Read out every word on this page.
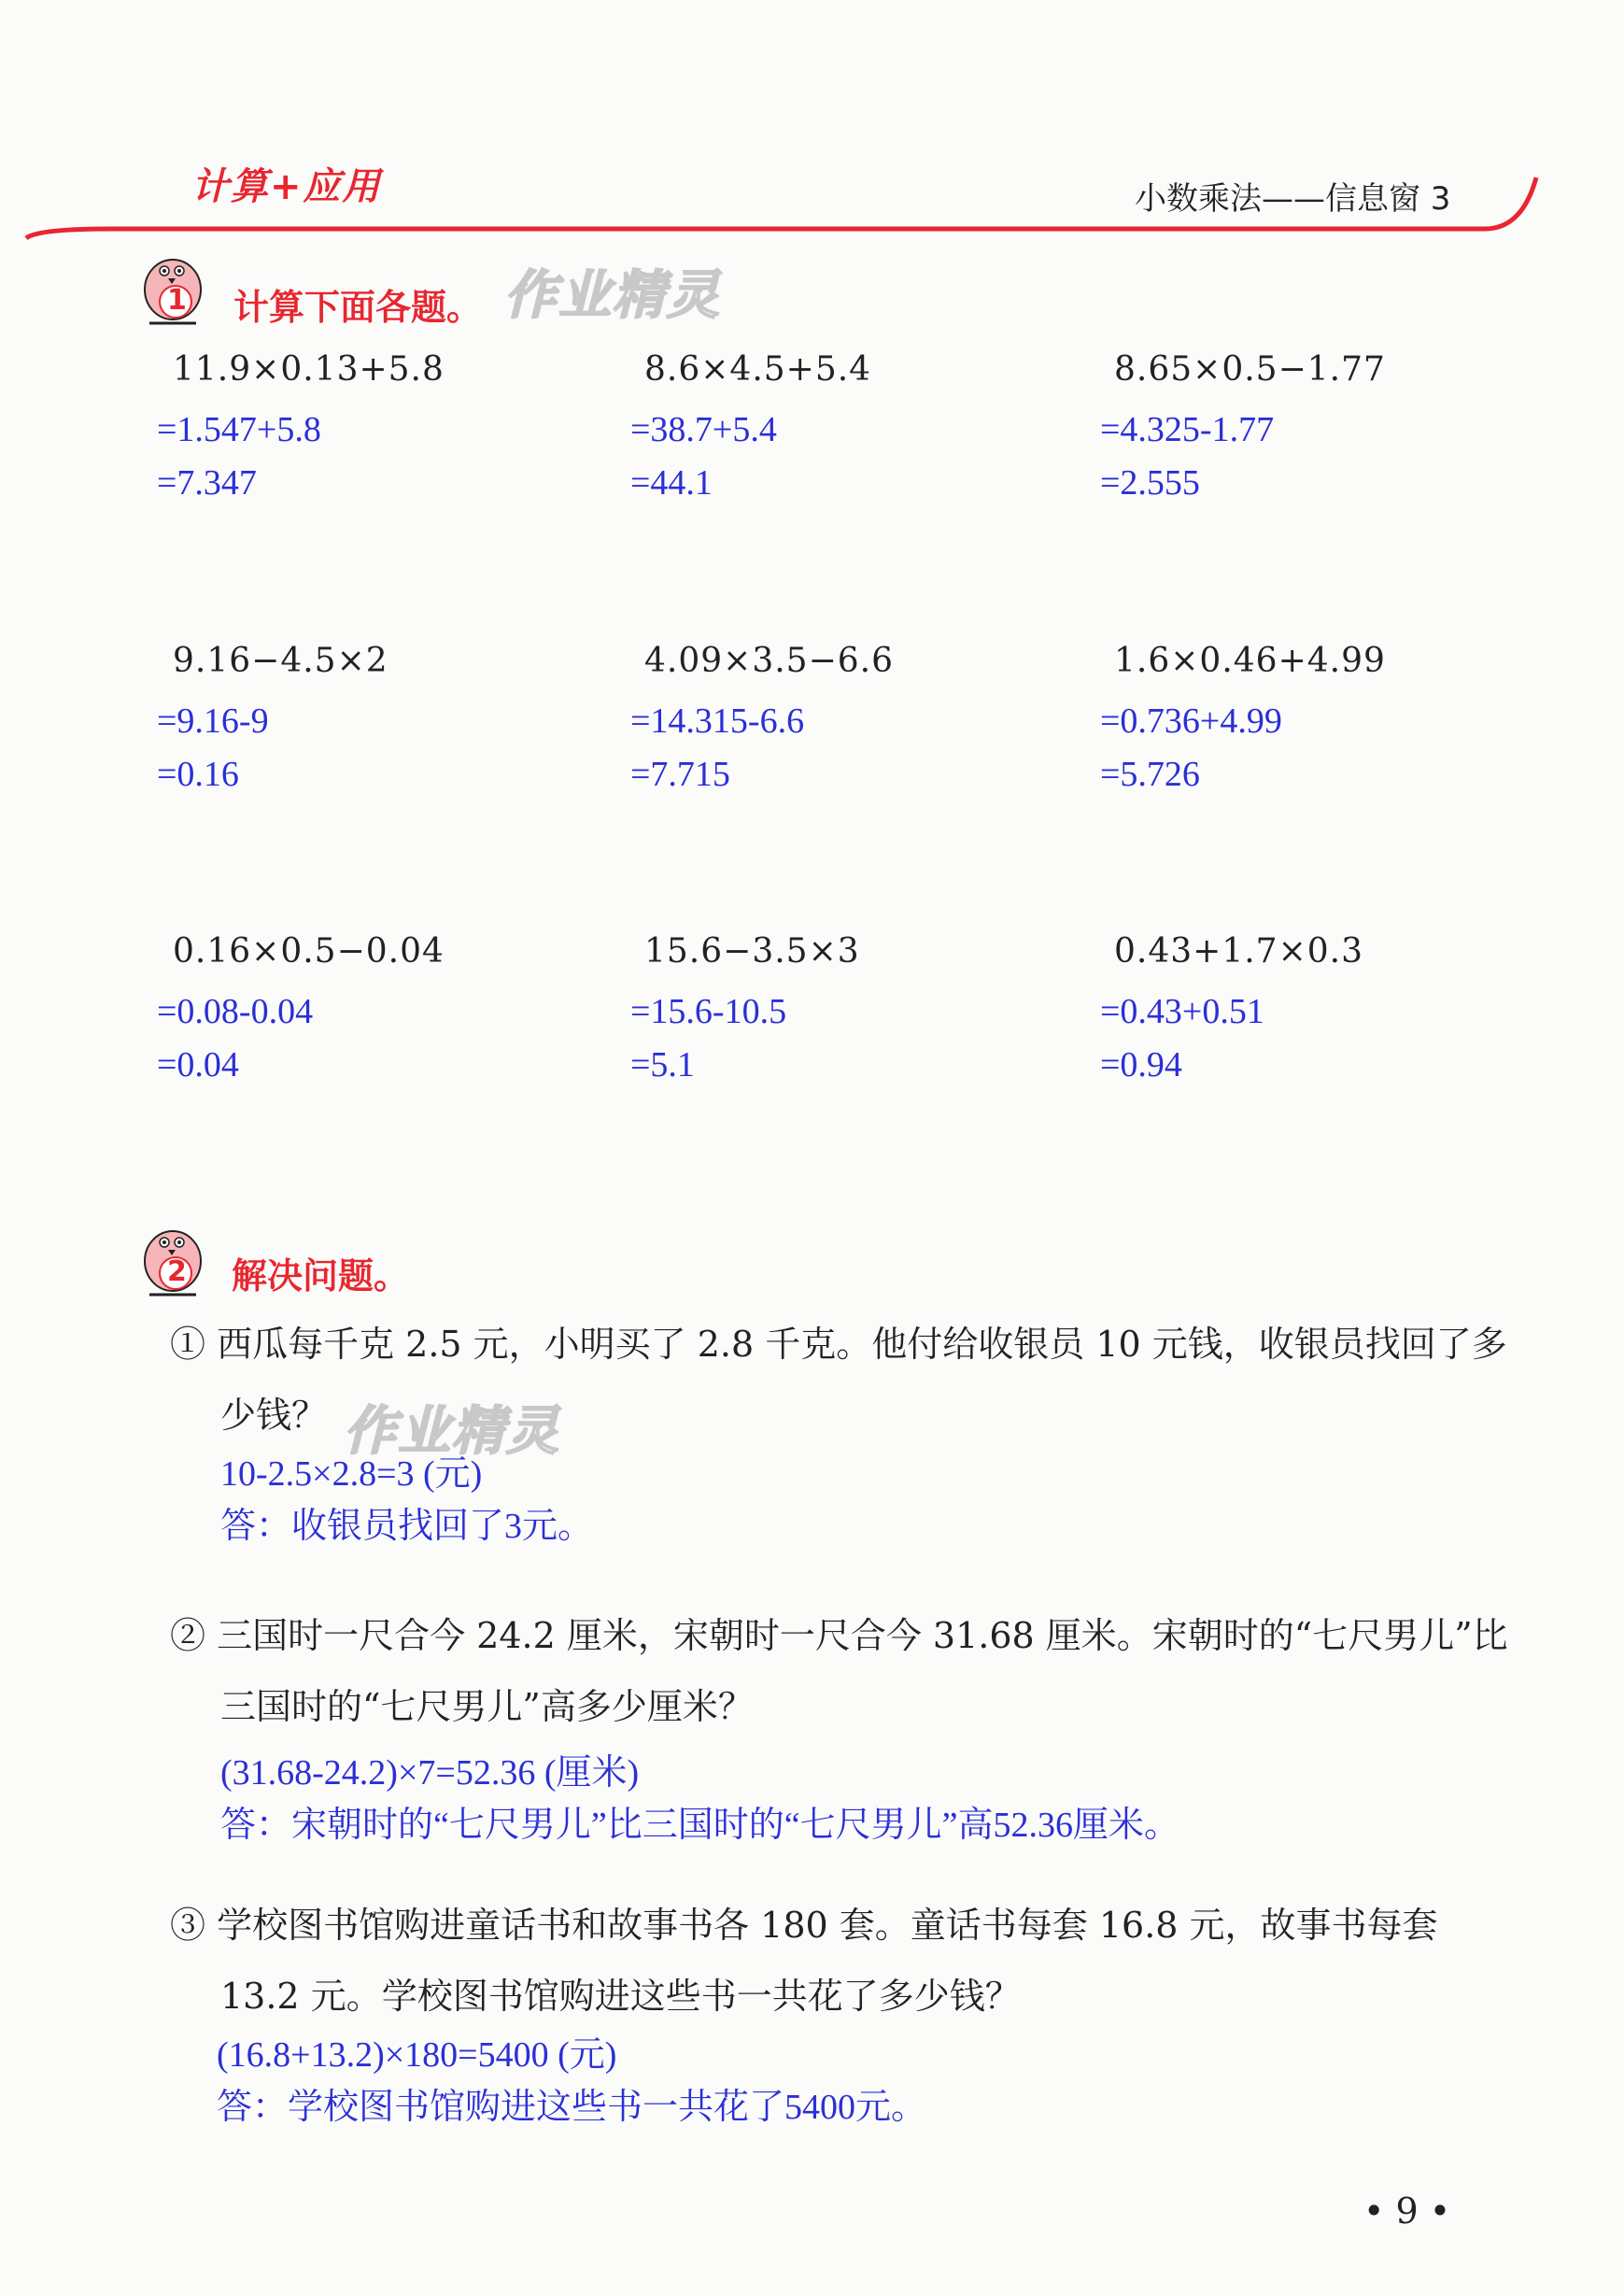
计算+应用	小数乘法——信息窗 3
1 计算下面各题。 作业精灵
11.9×0.13+5.8
=1.547+5.8
=7.347
8.6×4.5+5.4
=38.7+5.4
=44.1
8.65×0.5−1.77
=4.325-1.77
=2.555
9.16−4.5×2
=9.16-9
=0.16
4.09×3.5−6.6
=14.315-6.6
=7.715
1.6×0.46+4.99
=0.736+4.99
=5.726
0.16×0.5−0.04
=0.08-0.04
=0.04
15.6−3.5×3
=15.6-10.5
=5.1
0.43+1.7×0.3
=0.43+0.51
=0.94
2 解决问题。
① 西瓜每千克 2.5 元，小明买了 2.8 千克。他付给收银员 10 元钱，收银员找回了多
少钱？ 作业精灵
10-2.5×2.8=3 (元)
答：收银员找回了3元。
② 三国时一尺合今 24.2 厘米，宋朝时一尺合今 31.68 厘米。宋朝时的“七尺男儿”比
三国时的“七尺男儿”高多少厘米？
(31.68-24.2)×7=52.36 (厘米)
答：宋朝时的“七尺男儿”比三国时的“七尺男儿”高52.36厘米。
③ 学校图书馆购进童话书和故事书各 180 套。童话书每套 16.8 元，故事书每套
13.2 元。学校图书馆购进这些书一共花了多少钱？
(16.8+13.2)×180=5400 (元)
答：学校图书馆购进这些书一共花了5400元。
• 9 •
